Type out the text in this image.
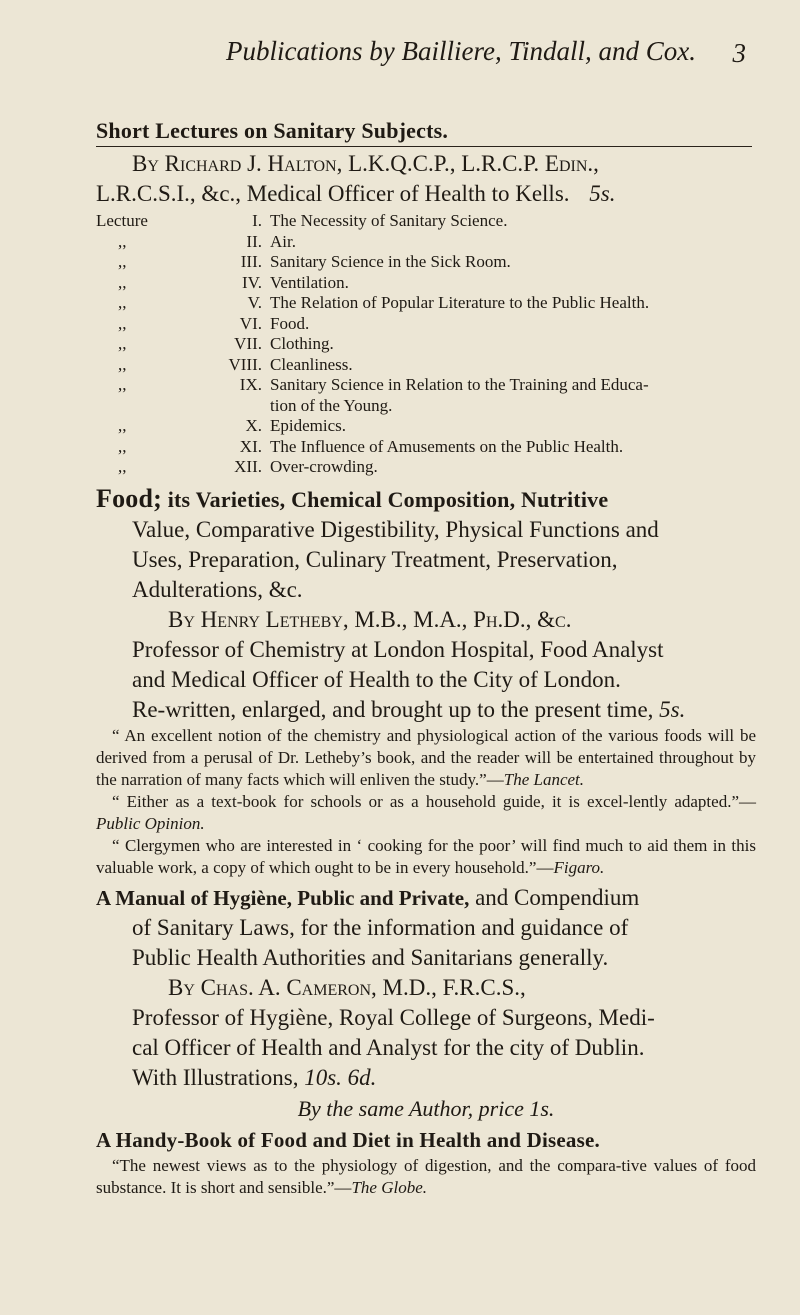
Publications by Bailliere, Tindall, and Cox. 3
Short Lectures on Sanitary Subjects.
By Richard J. Halton, L.K.Q.C.P., L.R.C.P. Edin.,
L.R.C.S.I., &c., Medical Officer of Health to Kells. 5s.
Lecture	I. The Necessity of Sanitary Science.
,,	II. Air.
,,	III. Sanitary Science in the Sick Room.
,,	IV. Ventilation.
,,	V. The Relation of Popular Literature to the Public Health.
,,	VI. Food.
,,	VII. Clothing.
,,	VIII. Cleanliness.
,,	IX. Sanitary Science in Relation to the Training and Educa-
tion of the Young.
,,	X. Epidemics.
,,	XI. The Influence of Amusements on the Public Health.
,,	XII. Over-crowding.
Food; its Varieties, Chemical Composition, Nutritive
Value, Comparative Digestibility, Physical Functions and
Uses, Preparation, Culinary Treatment, Preservation,
Adulterations, &c.
By Henry Letheby, M.B., M.A., Ph.D., &c.
Professor of Chemistry at London Hospital, Food Analyst
and Medical Officer of Health to the City of London.
Re-written, enlarged, and brought up to the present time, 5s.

“ An excellent notion of the chemistry and physiological action of the various foods will be derived from a perusal of Dr. Letheby’s book, and the reader will be entertained throughout by the narration of many facts which will enliven the study.”—The Lancet.

“ Either as a text-book for schools or as a household guide, it is excel-lently adapted.”—Public Opinion.

“ Clergymen who are interested in ‘ cooking for the poor’ will find much to aid them in this valuable work, a copy of which ought to be in every household.”—Figaro.

A Manual of Hygiène, Public and Private, and Compendium
of Sanitary Laws, for the information and guidance of
Public Health Authorities and Sanitarians generally.
By Chas. A. Cameron, M.D., F.R.C.S.,
Professor of Hygiène, Royal College of Surgeons, Medi-
cal Officer of Health and Analyst for the city of Dublin.
With Illustrations, 10s. 6d.
By the same Author, price 1s.
A Handy-Book of Food and Diet in Health and Disease.

“The newest views as to the physiology of digestion, and the compara-tive values of food substance. It is short and sensible.”—The Globe.
